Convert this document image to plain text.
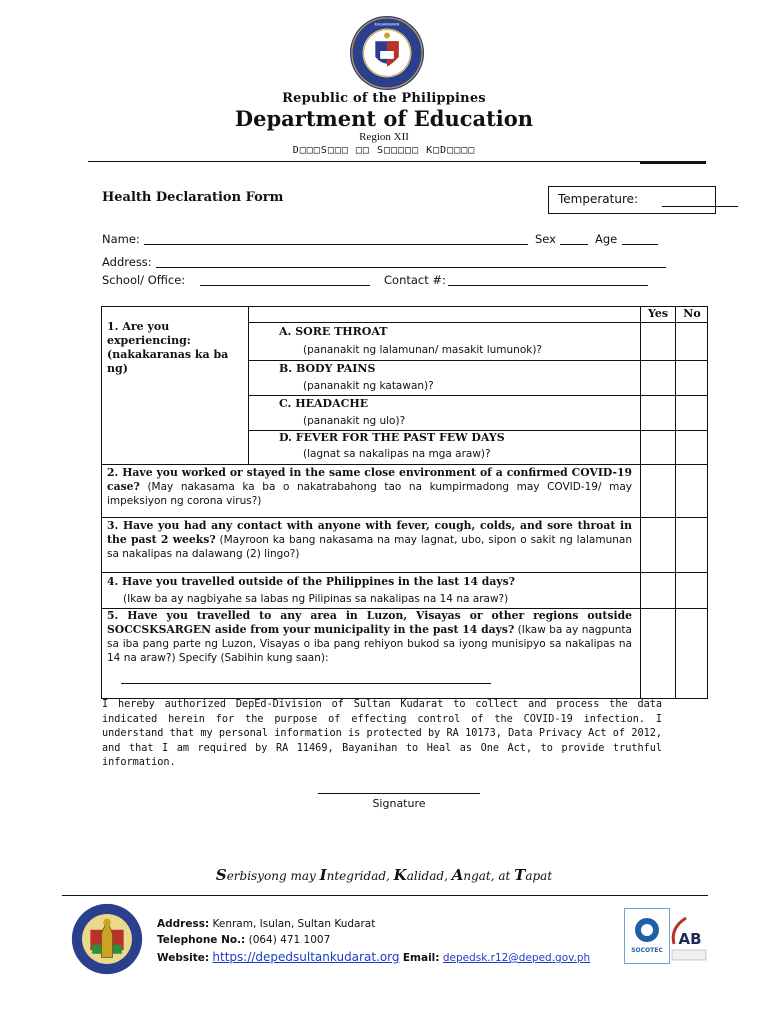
KAGAWARAN
Republic of the Philippines
Department of Education
Region XII
D□□□S□□□ □□ S□□□□□ K□D□□□□
Health Declaration Form	Temperature:
Name:	Sex	Age
Address:
School/ Office:	Contact #:
Yes	No
1. Are you experiencing: (nakakaranas ka ba ng)
A. SORE THROAT
(pananakit ng lalamunan/ masakit lumunok)?
B. BODY PAINS
(pananakit ng katawan)?
C. HEADACHE
(pananakit ng ulo)?
D. FEVER FOR THE PAST FEW DAYS
(lagnat sa nakalipas na mga araw)?
2. Have you worked or stayed in the same close environment of a confirmed COVID-19 case? (May nakasama ka ba o nakatrabahong tao na kumpirmadong may COVID-19/ may impeksiyon ng corona virus?)
3. Have you had any contact with anyone with fever, cough, colds, and sore throat in the past 2 weeks? (Mayroon ka bang nakasama na may lagnat, ubo, sipon o sakit ng lalamunan sa nakalipas na dalawang (2) lingo?)
4. Have you travelled outside of the Philippines in the last 14 days?
(Ikaw ba ay nagbiyahe sa labas ng Pilipinas sa nakalipas na 14 na araw?)
5. Have you travelled to any area in Luzon, Visayas or other regions outside SOCCSKSARGEN aside from your municipality in the past 14 days? (Ikaw ba ay nagpunta sa iba pang parte ng Luzon, Visayas o iba pang rehiyon bukod sa iyong munisipyo sa nakalipas na 14 na araw?) Specify (Sabihin kung saan):
I hereby authorized DepEd-Division of Sultan Kudarat to collect and process the data indicated herein for the purpose of effecting control of the COVID-19 infection. I understand that my personal information is protected by RA 10173, Data Privacy Act of 2012, and that I am required by RA 11469, Bayanihan to Heal as One Act, to provide truthful information.
Signature
Serbisyong may Integridad, Kalidad, Angat, at Tapat
Address: Kenram, Isulan, Sultan Kudarat
Telephone No.: (064) 471 1007
Website: https://depedsultankudarat.org Email: depedsk.r12@deped.gov.ph
SOCOTEC
AB
